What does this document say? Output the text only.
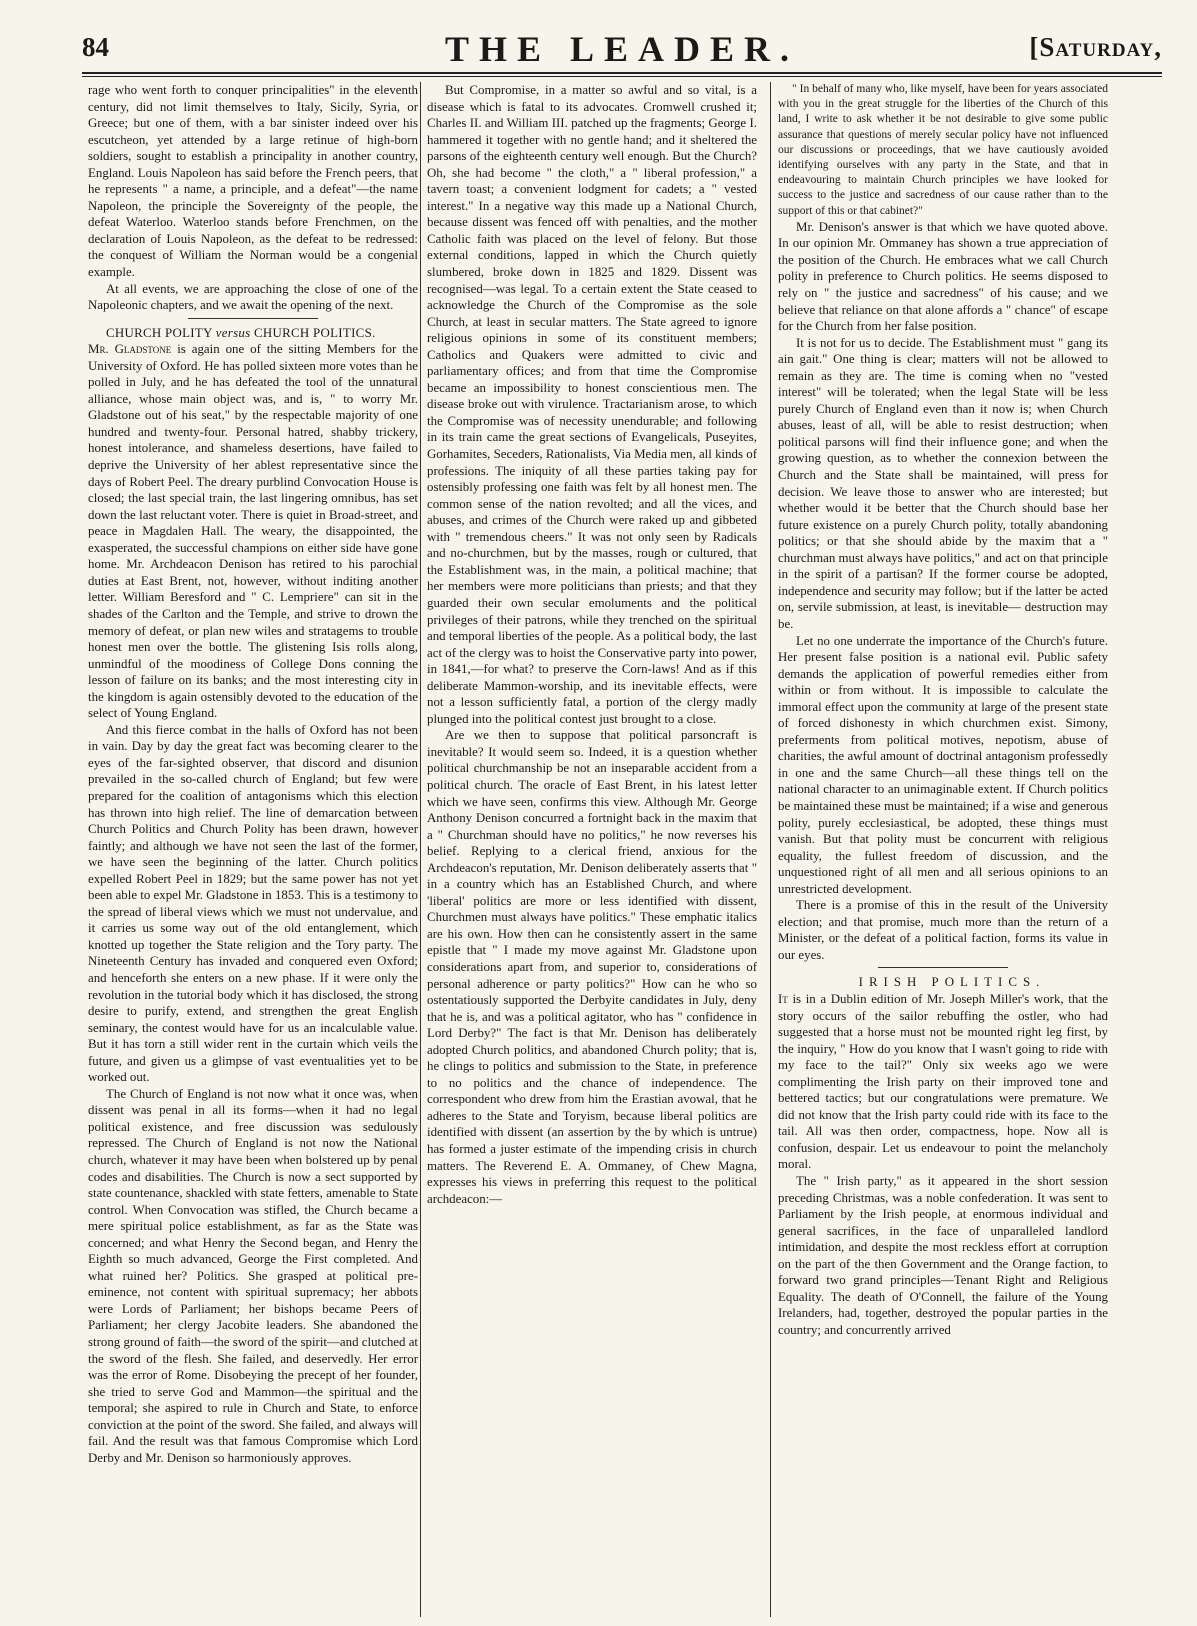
84	THE LEADER.	[Saturday,

rage who went forth to conquer principalities" in the eleventh century, did not limit themselves to Italy, Sicily, Syria, or Greece; but one of them, with a bar sinister indeed over his escutcheon, yet attended by a large retinue of high-born soldiers, sought to establish a principality in another country, England. Louis Napoleon has said before the French peers, that he represents " a name, a principle, and a defeat"—the name Napoleon, the principle the Sovereignty of the people, the defeat Waterloo. Waterloo stands before Frenchmen, on the declaration of Louis Napoleon, as the defeat to be redressed: the conquest of William the Norman would be a congenial example.

At all events, we are approaching the close of one of the Napoleonic chapters, and we await the opening of the next.

CHURCH POLITY versus CHURCH POLITICS.

Mr. Gladstone is again one of the sitting Members for the University of Oxford. He has polled sixteen more votes than he polled in July, and he has defeated the tool of the unnatural alliance, whose main object was, and is, " to worry Mr. Gladstone out of his seat," by the respectable majority of one hundred and twenty-four. Personal hatred, shabby trickery, honest intolerance, and shameless desertions, have failed to deprive the University of her ablest representative since the days of Robert Peel. The dreary purblind Convocation House is closed; the last special train, the last lingering omnibus, has set down the last reluctant voter. There is quiet in Broad-street, and peace in Magdalen Hall. The weary, the disappointed, the exasperated, the successful champions on either side have gone home. Mr. Archdeacon Denison has retired to his parochial duties at East Brent, not, however, without inditing another letter. William Beresford and " C. Lempriere" can sit in the shades of the Carlton and the Temple, and strive to drown the memory of defeat, or plan new wiles and stratagems to trouble honest men over the bottle. The glistening Isis rolls along, unmindful of the moodiness of College Dons conning the lesson of failure on its banks; and the most interesting city in the kingdom is again ostensibly devoted to the education of the select of Young England.

And this fierce combat in the halls of Oxford has not been in vain. Day by day the great fact was becoming clearer to the eyes of the far-sighted observer, that discord and disunion prevailed in the so-called church of England; but few were prepared for the coalition of antagonisms which this election has thrown into high relief. The line of demarcation between Church Politics and Church Polity has been drawn, however faintly; and although we have not seen the last of the former, we have seen the beginning of the latter. Church politics expelled Robert Peel in 1829; but the same power has not yet been able to expel Mr. Gladstone in 1853. This is a testimony to the spread of liberal views which we must not undervalue, and it carries us some way out of the old entanglement, which knotted up together the State religion and the Tory party. The Nineteenth Century has invaded and conquered even Oxford; and henceforth she enters on a new phase. If it were only the revolution in the tutorial body which it has disclosed, the strong desire to purify, extend, and strengthen the great English seminary, the contest would have for us an incalculable value. But it has torn a still wider rent in the curtain which veils the future, and given us a glimpse of vast eventualities yet to be worked out.

The Church of England is not now what it once was, when dissent was penal in all its forms—when it had no legal political existence, and free discussion was sedulously repressed. The Church of England is not now the National church, whatever it may have been when bolstered up by penal codes and disabilities. The Church is now a sect supported by state countenance, shackled with state fetters, amenable to State control. When Convocation was stifled, the Church became a mere spiritual police establishment, as far as the State was concerned; and what Henry the Second began, and Henry the Eighth so much advanced, George the First completed. And what ruined her? Politics. She grasped at political pre-eminence, not content with spiritual supremacy; her abbots were Lords of Parliament; her bishops became Peers of Parliament; her clergy Jacobite leaders. She abandoned the strong ground of faith—the sword of the spirit—and clutched at the sword of the flesh. She failed, and deservedly. Her error was the error of Rome. Disobeying the precept of her founder, she tried to serve God and Mammon—the spiritual and the temporal; she aspired to rule in Church and State, to enforce conviction at the point of the sword. She failed, and always will fail. And the result was that famous Compromise which Lord Derby and Mr. Denison so harmoniously approves.

But Compromise, in a matter so awful and so vital, is a disease which is fatal to its advocates. Cromwell crushed it; Charles II. and William III. patched up the fragments; George I. hammered it together with no gentle hand; and it sheltered the parsons of the eighteenth century well enough. But the Church? Oh, she had become " the cloth," a " liberal profession," a tavern toast; a convenient lodgment for cadets; a " vested interest." In a negative way this made up a National Church, because dissent was fenced off with penalties, and the mother Catholic faith was placed on the level of felony. But those external conditions, lapped in which the Church quietly slumbered, broke down in 1825 and 1829. Dissent was recognised—was legal. To a certain extent the State ceased to acknowledge the Church of the Compromise as the sole Church, at least in secular matters. The State agreed to ignore religious opinions in some of its constituent members; Catholics and Quakers were admitted to civic and parliamentary offices; and from that time the Compromise became an impossibility to honest conscientious men. The disease broke out with virulence. Tractarianism arose, to which the Compromise was of necessity unendurable; and following in its train came the great sections of Evangelicals, Puseyites, Gorhamites, Seceders, Rationalists, Via Media men, all kinds of professions. The iniquity of all these parties taking pay for ostensibly professing one faith was felt by all honest men. The common sense of the nation revolted; and all the vices, and abuses, and crimes of the Church were raked up and gibbeted with " tremendous cheers." It was not only seen by Radicals and no-churchmen, but by the masses, rough or cultured, that the Establishment was, in the main, a political machine; that her members were more politicians than priests; and that they guarded their own secular emoluments and the political privileges of their patrons, while they trenched on the spiritual and temporal liberties of the people. As a political body, the last act of the clergy was to hoist the Conservative party into power, in 1841,—for what? to preserve the Corn-laws! And as if this deliberate Mammon-worship, and its inevitable effects, were not a lesson sufficiently fatal, a portion of the clergy madly plunged into the political contest just brought to a close.

Are we then to suppose that political parsoncraft is inevitable? It would seem so. Indeed, it is a question whether political churchmanship be not an inseparable accident from a political church. The oracle of East Brent, in his latest letter which we have seen, confirms this view. Although Mr. George Anthony Denison concurred a fortnight back in the maxim that a " Churchman should have no politics," he now reverses his belief. Replying to a clerical friend, anxious for the Archdeacon's reputation, Mr. Denison deliberately asserts that " in a country which has an Established Church, and where 'liberal' politics are more or less identified with dissent, Churchmen must always have politics." These emphatic italics are his own. How then can he consistently assert in the same epistle that " I made my move against Mr. Gladstone upon considerations apart from, and superior to, considerations of personal adherence or party politics?" How can he who so ostentatiously supported the Derbyite candidates in July, deny that he is, and was a political agitator, who has " confidence in Lord Derby?" The fact is that Mr. Denison has deliberately adopted Church politics, and abandoned Church polity; that is, he clings to politics and submission to the State, in preference to no politics and the chance of independence. The correspondent who drew from him the Erastian avowal, that he adheres to the State and Toryism, because liberal politics are identified with dissent (an assertion by the by which is untrue) has formed a juster estimate of the impending crisis in church matters. The Reverend E. A. Ommaney, of Chew Magna, expresses his views in preferring this request to the political archdeacon:—

" In behalf of many who, like myself, have been for years associated with you in the great struggle for the liberties of the Church of this land, I write to ask whether it be not desirable to give some public assurance that questions of merely secular policy have not influenced our discussions or proceedings, that we have cautiously avoided identifying ourselves with any party in the State, and that in endeavouring to maintain Church principles we have looked for success to the justice and sacredness of our cause rather than to the support of this or that cabinet?"

Mr. Denison's answer is that which we have quoted above. In our opinion Mr. Ommaney has shown a true appreciation of the position of the Church. He embraces what we call Church polity in preference to Church politics. He seems disposed to rely on " the justice and sacredness" of his cause; and we believe that reliance on that alone affords a " chance" of escape for the Church from her false position.

It is not for us to decide. The Establishment must " gang its ain gait." One thing is clear; matters will not be allowed to remain as they are. The time is coming when no "vested interest" will be tolerated; when the legal State will be less purely Church of England even than it now is; when Church abuses, least of all, will be able to resist destruction; when political parsons will find their influence gone; and when the growing question, as to whether the connexion between the Church and the State shall be maintained, will press for decision. We leave those to answer who are interested; but whether would it be better that the Church should base her future existence on a purely Church polity, totally abandoning politics; or that she should abide by the maxim that a " churchman must always have politics," and act on that principle in the spirit of a partisan? If the former course be adopted, independence and security may follow; but if the latter be acted on, servile submission, at least, is inevitable— destruction may be.

Let no one underrate the importance of the Church's future. Her present false position is a national evil. Public safety demands the application of powerful remedies either from within or from without. It is impossible to calculate the immoral effect upon the community at large of the present state of forced dishonesty in which churchmen exist. Simony, preferments from political motives, nepotism, abuse of charities, the awful amount of doctrinal antagonism professedly in one and the same Church—all these things tell on the national character to an unimaginable extent. If Church politics be maintained these must be maintained; if a wise and generous polity, purely ecclesiastical, be adopted, these things must vanish. But that polity must be concurrent with religious equality, the fullest freedom of discussion, and the unquestioned right of all men and all serious opinions to an unrestricted development.

There is a promise of this in the result of the University election; and that promise, much more than the return of a Minister, or the defeat of a political faction, forms its value in our eyes.

IRISH POLITICS.

It is in a Dublin edition of Mr. Joseph Miller's work, that the story occurs of the sailor rebuffing the ostler, who had suggested that a horse must not be mounted right leg first, by the inquiry, " How do you know that I wasn't going to ride with my face to the tail?" Only six weeks ago we were complimenting the Irish party on their improved tone and bettered tactics; but our congratulations were premature. We did not know that the Irish party could ride with its face to the tail. All was then order, compactness, hope. Now all is confusion, despair. Let us endeavour to point the melancholy moral.

The " Irish party," as it appeared in the short session preceding Christmas, was a noble confederation. It was sent to Parliament by the Irish people, at enormous individual and general sacrifices, in the face of unparalleled landlord intimidation, and despite the most reckless effort at corruption on the part of the then Government and the Orange faction, to forward two grand principles—Tenant Right and Religious Equality. The death of O'Connell, the failure of the Young Irelanders, had, together, destroyed the popular parties in the country; and concurrently arrived
